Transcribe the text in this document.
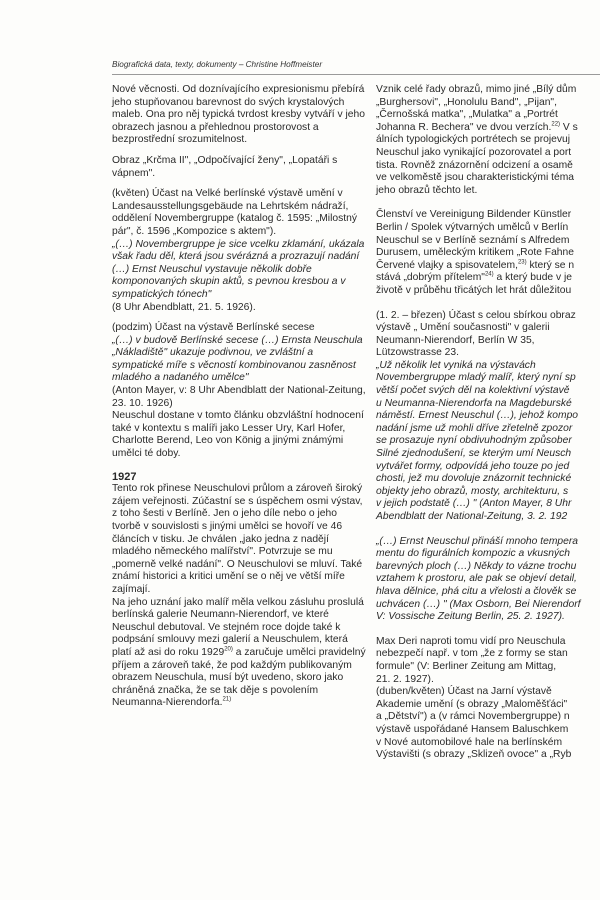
Biografická data, texty, dokumenty – Christine Hoffmeister

Nové věcnosti. Od doznívajícího expresionismu přebírá jeho stupňovanou barevnost do svých krystalových maleb. Ona pro něj typická tvrdost kresby vytváří v jeho obrazech jasnou a přehlednou prostorovost a bezprostřední srozumitelnost.

Obraz „Krčma II", „Odpočívající ženy", „Lopatáři s vápnem".

(květen) Účast na Velké berlínské výstavě umění v Landesausstellungsgebäude na Lehrtském nádraží, oddělení Novembergruppe (katalog č. 1595: „Milostný pár", č. 1596 „Kompozice s aktem").
„(…) Novembergruppe je sice vcelku zklamání, ukázala však řadu děl, která jsou svérázná a prozrazují nadání (…) Ernst Neuschul vystavuje několik dobře komponovaných skupin aktů, s pevnou kresbou a v sympatických tónech"
(8 Uhr Abendblatt, 21. 5. 1926).

(podzim) Účast na výstavě Berlínské secese
„(…) v budově Berlínské secese (…) Ernsta Neuschula „Nákladiště" ukazuje podivnou, ve zvláštní a sympatické míře s věcností kombinovanou zasněnost mladého a nadaného umělce"
(Anton Mayer, v: 8 Uhr Abendblatt der National-Zeitung, 23. 10. 1926)

Neuschul dostane v tomto článku obzvláštní hodnocení také v kontextu s malíři jako Lesser Ury, Karl Hofer, Charlotte Berend, Leo von König a jinými známými umělci té doby.

1927

Tento rok přinese Neuschulovi průlom a zároveň široký zájem veřejnosti. Zúčastní se s úspěchem osmi výstav, z toho šesti v Berlíně. Jen o jeho díle nebo o jeho tvorbě v souvislosti s jinými umělci se hovoří ve 46 článcích v tisku. Je chválen „jako jedna z nadějí mladého německého malířství". Potvrzuje se mu „pomerně velké nadání". O Neuschulovi se mluví. Také známí historici a kritici umění se o něj ve větší míře zajímají.

Na jeho uznání jako malíř měla velkou zásluhu proslulá berlínská galerie Neumann-Nierendorf, ve které Neuschul debutoval. Ve stejném roce dojde také k podpsání smlouvy mezi galerií a Neuschulem, která platí až asi do roku 1929$^{20)}$ a zaručuje umělci pravidelný příjem a zároveň také, že pod každým publikovaným obrazem Neuschula, musí být uvedeno, skoro jako chráněná značka, že se tak děje s povolením Neumanna-Nierendorfa.$^{21)}$

Vznik celé řady obrazů, mimo jiné „Bílý dům
„Burghersovi", „Honolulu Band", „Pijan",
„Černošská matka", „Mulatka" a „Portrét
Johanna R. Bechera" ve dvou verzích.$^{22)}$ V s
álních typologických portrétech se projevuj
Neuschul jako vynikající pozorovatel a port
tista. Rovněž znázornění odcizení a osamě
ve velkoměstě jsou charakteristickými téma
jeho obrazů těchto let.
Členství ve Vereinigung Bildender Künstler
Berlin / Spolek výtvarných umělců v Berlín
Neuschul se v Berlíně seznámí s Alfredem
Durusem, uměleckým kritikem „Rote Fahne
Červené vlajky a spisovatelem,$^{23)}$ který se n
stává „dobrým přítelem"$^{24)}$ a který bude v je
životě v průběhu třicátých let hrát důležitou
(1. 2. – březen) Účast s celou sbírkou obraz
výstavě „ Umění současnosti" v galerii
Neumann-Nierendorf, Berlín W 35,
Lützowstrasse 23.
„Už několik let vyniká na výstavách
Novembergruppe mladý malíř, který nyní sp
větší počet svých děl na kolektivní výstavě
u Neumanna-Nierendorfa na Magdeburské
náměstí. Ernest Neuschul (…), jehož kompo
nadání jsme už mohli dříve zřetelně zpozor
se prosazuje nyní obdivuhodným způsober
Silné zjednodušení, se kterým umí Neusch
vytvářet formy, odpovídá jeho touze po jed
chosti, jež mu dovoluje znázornit technické
objekty jeho obrazů, mosty, architekturu, s
v jejich podstatě (…) " (Anton Mayer, 8 Uhr
Abendblatt der National-Zeitung, 3. 2. 192
„(…) Ernst Neuschul přináší mnoho tempera
mentu do figurálních kompozic a vkusných
barevných ploch (…) Někdy to vázne trochu
vztahem k prostoru, ale pak se objeví detail,
hlava dělnice, phá citu a vřelosti a člověk se
uchvácen (…) " (Max Osborn, Bei Nierendorf
V: Vossische Zeitung Berlin, 25. 2. 1927).
Max Deri naproti tomu vidí pro Neuschula
nebezpečí např. v tom „že z formy se stan
formule" (V: Berliner Zeitung am Mittag,
21. 2. 1927).
(duben/květen) Účast na Jarní výstavě
Akademie umění (s obrazy „Maloměšťáci"
a „Dětství") a (v rámci Novembergruppe) n
výstavě uspořádané Hansem Baluschkem
v Nové automobilové hale na berlínském
Výstavišti (s obrazy „Sklizeň ovoce" a „Ryb
